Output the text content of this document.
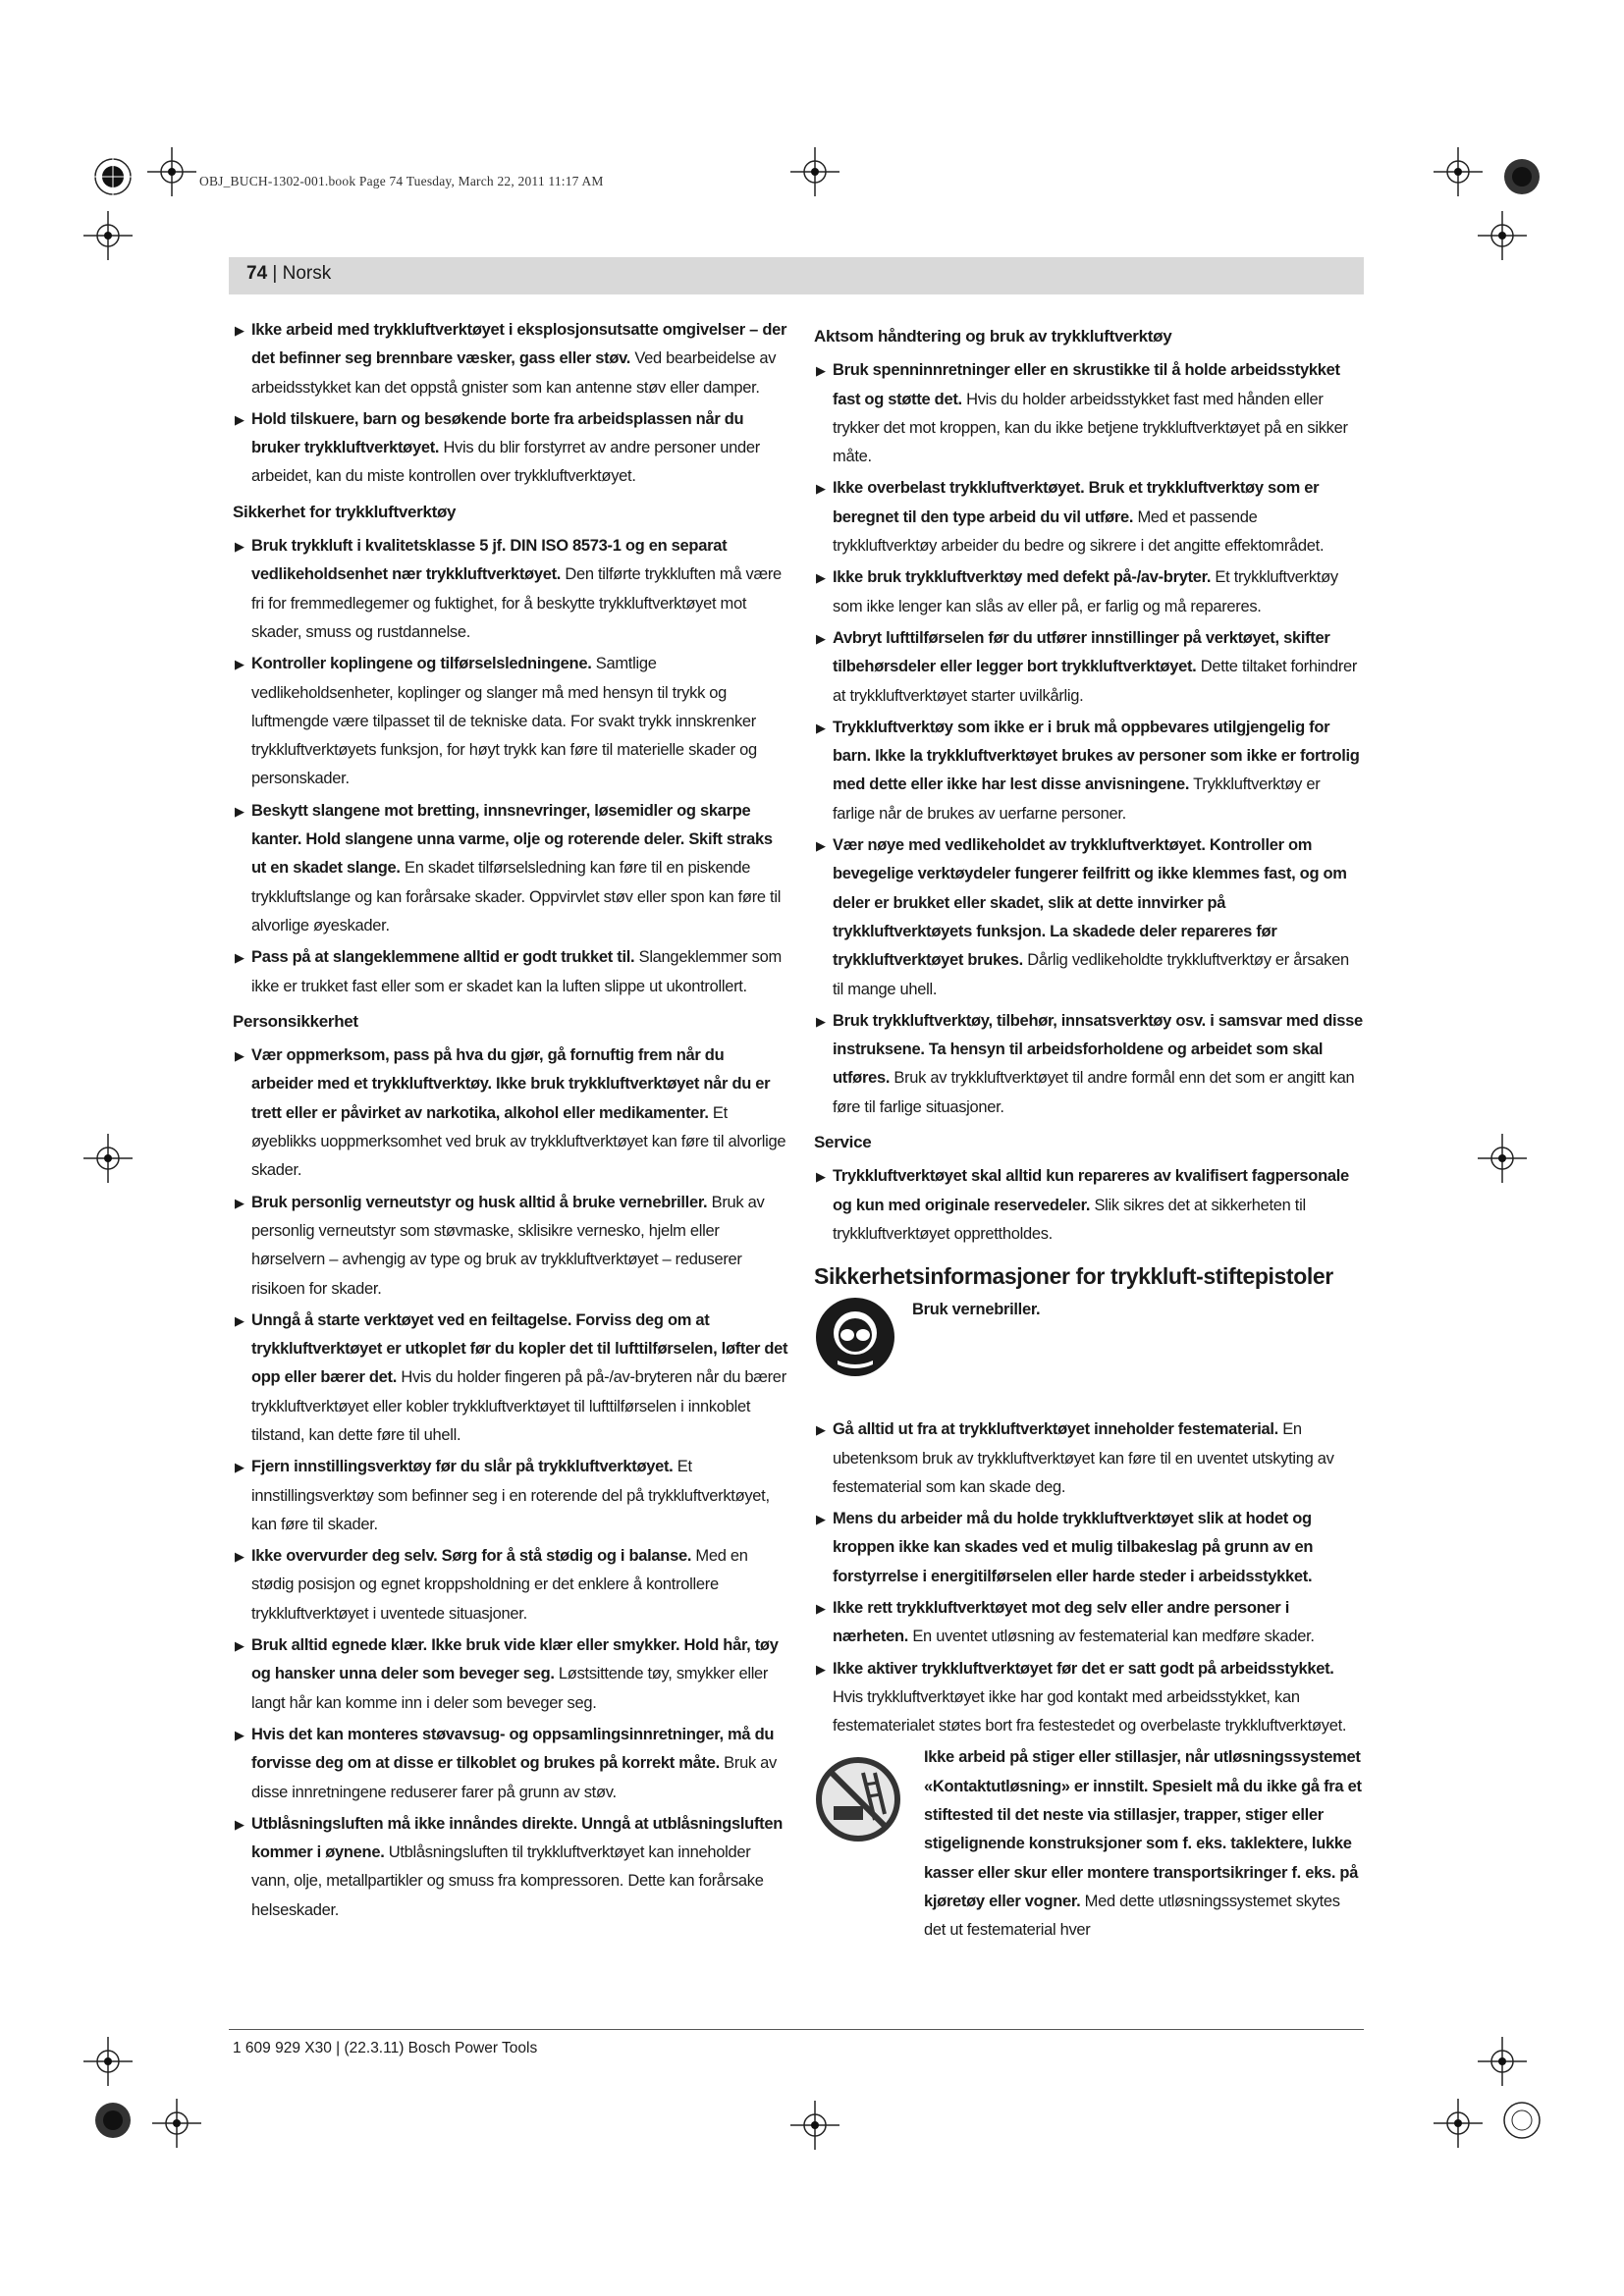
OBJ_BUCH-1302-001.book Page 74 Tuesday, March 22, 2011 11:17 AM
74 | Norsk
▶ Ikke arbeid med trykkluftverktøyet i eksplosjonsutsatte omgivelser – der det befinner seg brennbare væsker, gass eller støv. Ved bearbeidelse av arbeidsstykket kan det oppstå gnister som kan antenne støv eller damper.
▶ Hold tilskuere, barn og besøkende borte fra arbeidsplassen når du bruker trykkluftverktøyet. Hvis du blir forstyrret av andre personer under arbeidet, kan du miste kontrollen over trykkluftverktøyet.

Sikkerhet for trykkluftverktøy

▶ Bruk trykkluft i kvalitetsklasse 5 jf. DIN ISO 8573-1 og en separat vedlikeholdsenhet nær trykkluftverktøyet. Den tilførte trykkluften må være fri for fremmedlegemer og fuktighet, for å beskytte trykkluftverktøyet mot skader, smuss og rustdannelse.
▶ Kontroller koplingene og tilførselsledningene. Samtlige vedlikeholdsenheter, koplinger og slanger må med hensyn til trykk og luftmengde være tilpasset til de tekniske data. For svakt trykk innskrenker trykkluftverktøyets funksjon, for høyt trykk kan føre til materielle skader og personskader.
▶ Beskytt slangene mot bretting, innsnevringer, løsemidler og skarpe kanter. Hold slangene unna varme, olje og roterende deler. Skift straks ut en skadet slange. En skadet tilførselsledning kan føre til en piskende trykkluftslange og kan forårsake skader. Oppvirvlet støv eller spon kan føre til alvorlige øyeskader.
▶ Pass på at slangeklemmene alltid er godt trukket til. Slangeklemmer som ikke er trukket fast eller som er skadet kan la luften slippe ut ukontrollert.

Personsikkerhet

▶ Vær oppmerksom, pass på hva du gjør, gå fornuftig frem når du arbeider med et trykkluftverktøy. Ikke bruk trykkluftverktøyet når du er trett eller er påvirket av narkotika, alkohol eller medikamenter. Et øyeblikks uoppmerksomhet ved bruk av trykkluftverktøyet kan føre til alvorlige skader.
▶ Bruk personlig verneutstyr og husk alltid å bruke vernebriller. Bruk av personlig verneutstyr som støvmaske, sklisikre vernesko, hjelm eller hørselvern – avhengig av type og bruk av trykkluftverktøyet – reduserer risikoen for skader.
▶ Unngå å starte verktøyet ved en feiltagelse. Forviss deg om at trykkluftverktøyet er utkoplet før du kopler det til lufttilførselen, løfter det opp eller bærer det. Hvis du holder fingeren på på-/av-bryteren når du bærer trykkluftverktøyet eller kobler trykkluftverktøyet til lufttilførselen i innkoblet tilstand, kan dette føre til uhell.
▶ Fjern innstillingsverktøy før du slår på trykkluftverktøyet. Et innstillingsverktøy som befinner seg i en roterende del på trykkluftverktøyet, kan føre til skader.
▶ Ikke overvurder deg selv. Sørg for å stå stødig og i balanse. Med en stødig posisjon og egnet kroppsholdning er det enklere å kontrollere trykkluftverktøyet i uventede situasjoner.
▶ Bruk alltid egnede klær. Ikke bruk vide klær eller smykker. Hold hår, tøy og hansker unna deler som beveger seg. Løstsittende tøy, smykker eller langt hår kan komme inn i deler som beveger seg.
▶ Hvis det kan monteres støvavsug- og oppsamlingsinnretninger, må du forvisse deg om at disse er tilkoblet og brukes på korrekt måte. Bruk av disse innretningene reduserer farer på grunn av støv.
▶ Utblåsningsluften må ikke innåndes direkte. Unngå at utblåsningsluften kommer i øynene. Utblåsningsluften til trykkluftverktøyet kan inneholder vann, olje, metallpartikler og smuss fra kompressoren. Dette kan forårsake helseskader.

Aktsom håndtering og bruk av trykkluftverktøy

▶ Bruk spenninnretninger eller en skrustikke til å holde arbeidsstykket fast og støtte det. Hvis du holder arbeidsstykket fast med hånden eller trykker det mot kroppen, kan du ikke betjene trykkluftverktøyet på en sikker måte.
▶ Ikke overbelast trykkluftverktøyet. Bruk et trykkluftverktøy som er beregnet til den type arbeid du vil utføre. Med et passende trykkluftverktøy arbeider du bedre og sikrere i det angitte effektområdet.
▶ Ikke bruk trykkluftverktøy med defekt på-/av-bryter. Et trykkluftverktøy som ikke lenger kan slås av eller på, er farlig og må repareres.
▶ Avbryt lufttilførselen før du utfører innstillinger på verktøyet, skifter tilbehørsdeler eller legger bort trykkluftverktøyet. Dette tiltaket forhindrer at trykkluftverktøyet starter uvilkårlig.
▶ Trykkluftverktøy som ikke er i bruk må oppbevares utilgjengelig for barn. Ikke la trykkluftverktøyet brukes av personer som ikke er fortrolig med dette eller ikke har lest disse anvisningene. Trykkluftverktøy er farlige når de brukes av uerfarne personer.
▶ Vær nøye med vedlikeholdet av trykkluftverktøyet. Kontroller om bevegelige verktøydeler fungerer feilfritt og ikke klemmes fast, og om deler er brukket eller skadet, slik at dette innvirker på trykkluftverktøyets funksjon. La skadede deler repareres før trykkluftverktøyet brukes. Dårlig vedlikeholdte trykkluftverktøy er årsaken til mange uhell.
▶ Bruk trykkluftverktøy, tilbehør, innsatsverktøy osv. i samsvar med disse instruksene. Ta hensyn til arbeidsforholdene og arbeidet som skal utføres. Bruk av trykkluftverktøyet til andre formål enn det som er angitt kan føre til farlige situasjoner.

Service

▶ Trykkluftverktøyet skal alltid kun repareres av kvalifisert fagpersonale og kun med originale reservedeler. Slik sikres det at sikkerheten til trykkluftverktøyet opprettholdes.

Sikkerhetsinformasjoner for trykkluft-stiftepistoler

Bruk vernebriller.
▶ Gå alltid ut fra at trykkluftverktøyet inneholder festematerial. En ubetenksom bruk av trykkluftverktøyet kan føre til en uventet utskyting av festematerial som kan skade deg.
▶ Mens du arbeider må du holde trykkluftverktøyet slik at hodet og kroppen ikke kan skades ved et mulig tilbakeslag på grunn av en forstyrrelse i energitilførselen eller harde steder i arbeidsstykket.
▶ Ikke rett trykkluftverktøyet mot deg selv eller andre personer i nærheten. En uventet utløsning av festematerial kan medføre skader.
▶ Ikke aktiver trykkluftverktøyet før det er satt godt på arbeidsstykket. Hvis trykkluftverktøyet ikke har god kontakt med arbeidsstykket, kan festematerialet støtes bort fra festestedet og overbelaste trykkluftverktøyet.
Ikke arbeid på stiger eller stillasjer, når utløsningssystemet «Kontaktutløsning» er innstilt. Spesielt må du ikke gå fra et stiftested til det neste via stillasjer, trapper, stiger eller stigelignende konstruksjoner som f. eks. taklektere, lukke kasser eller skur eller montere transportsikringer f. eks. på kjøretøy eller vogner. Med dette utløsningssystemet skytes det ut festematerial hver
1 609 929 X30 | (22.3.11) Bosch Power Tools
